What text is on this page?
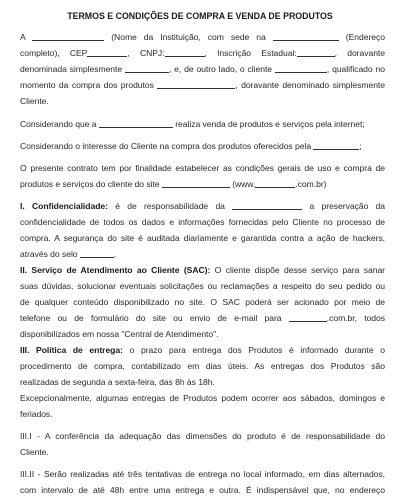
TERMOS E CONDIÇÕES DE COMPRA E VENDA DE PRODUTOS
A	(Nome da Instituição, com sede na	(Endereço
completo), CEP	, CNPJ:	, Inscrição Estadual:	, doravante
denominada simplesmente	, e, de outro lado, o cliente	, qualificado no
momento da compra dos produtos	, doravante denominado simplesmente
Cliente.
Considerando que a	realiza venda de produtos e serviços pela internet;
Considerando o interesse do Cliente na compra dos produtos oferecidos pela	;
O presente contrato tem por finalidade estabelecer as condições gerais de uso e compra de
produtos e serviços do cliente do site	(www.	.com.br)
I. Confidencialidade: é de responsabilidade da	a preservação da
confidencialidade de todos os dados e informações fornecidas pelo Cliente no processo de
compra. A segurança do site é auditada diariamente e garantida contra a ação de hackers,
através do selo	.
II. Serviço de Atendimento ao Cliente (SAC): O cliente dispõe desse serviço para sanar
suas dúvidas, solucionar eventuais solicitações ou reclamações a respeito do seu pedido ou
de qualquer conteúdo disponibilizado no site. O SAC poderá ser acionado por meio de
telefone ou de formulário do site ou envio de e-mail para	.com.br, todos
disponibilizados em nossa "Central de Atendimento".
III. Política de entrega: o prazo para entrega dos Produtos é informado durante o
procedimento de compra, contabilizado em dias úteis. As entregas dos Produtos são
realizadas de segunda a sexta-feira, das 8h às 18h.
Excepcionalmente, algumas entregas de Produtos podem ocorrer aos sábados, domingos e
feriados.
III.I - A conferência da adequação das dimensões do produto é de responsabilidade do
Cliente.
III.II - Serão realizadas até três tentativas de entrega no local informado, em dias alternados,
com intervalo de até 48h entre uma entrega e outra. É indispensável que, no endereço
